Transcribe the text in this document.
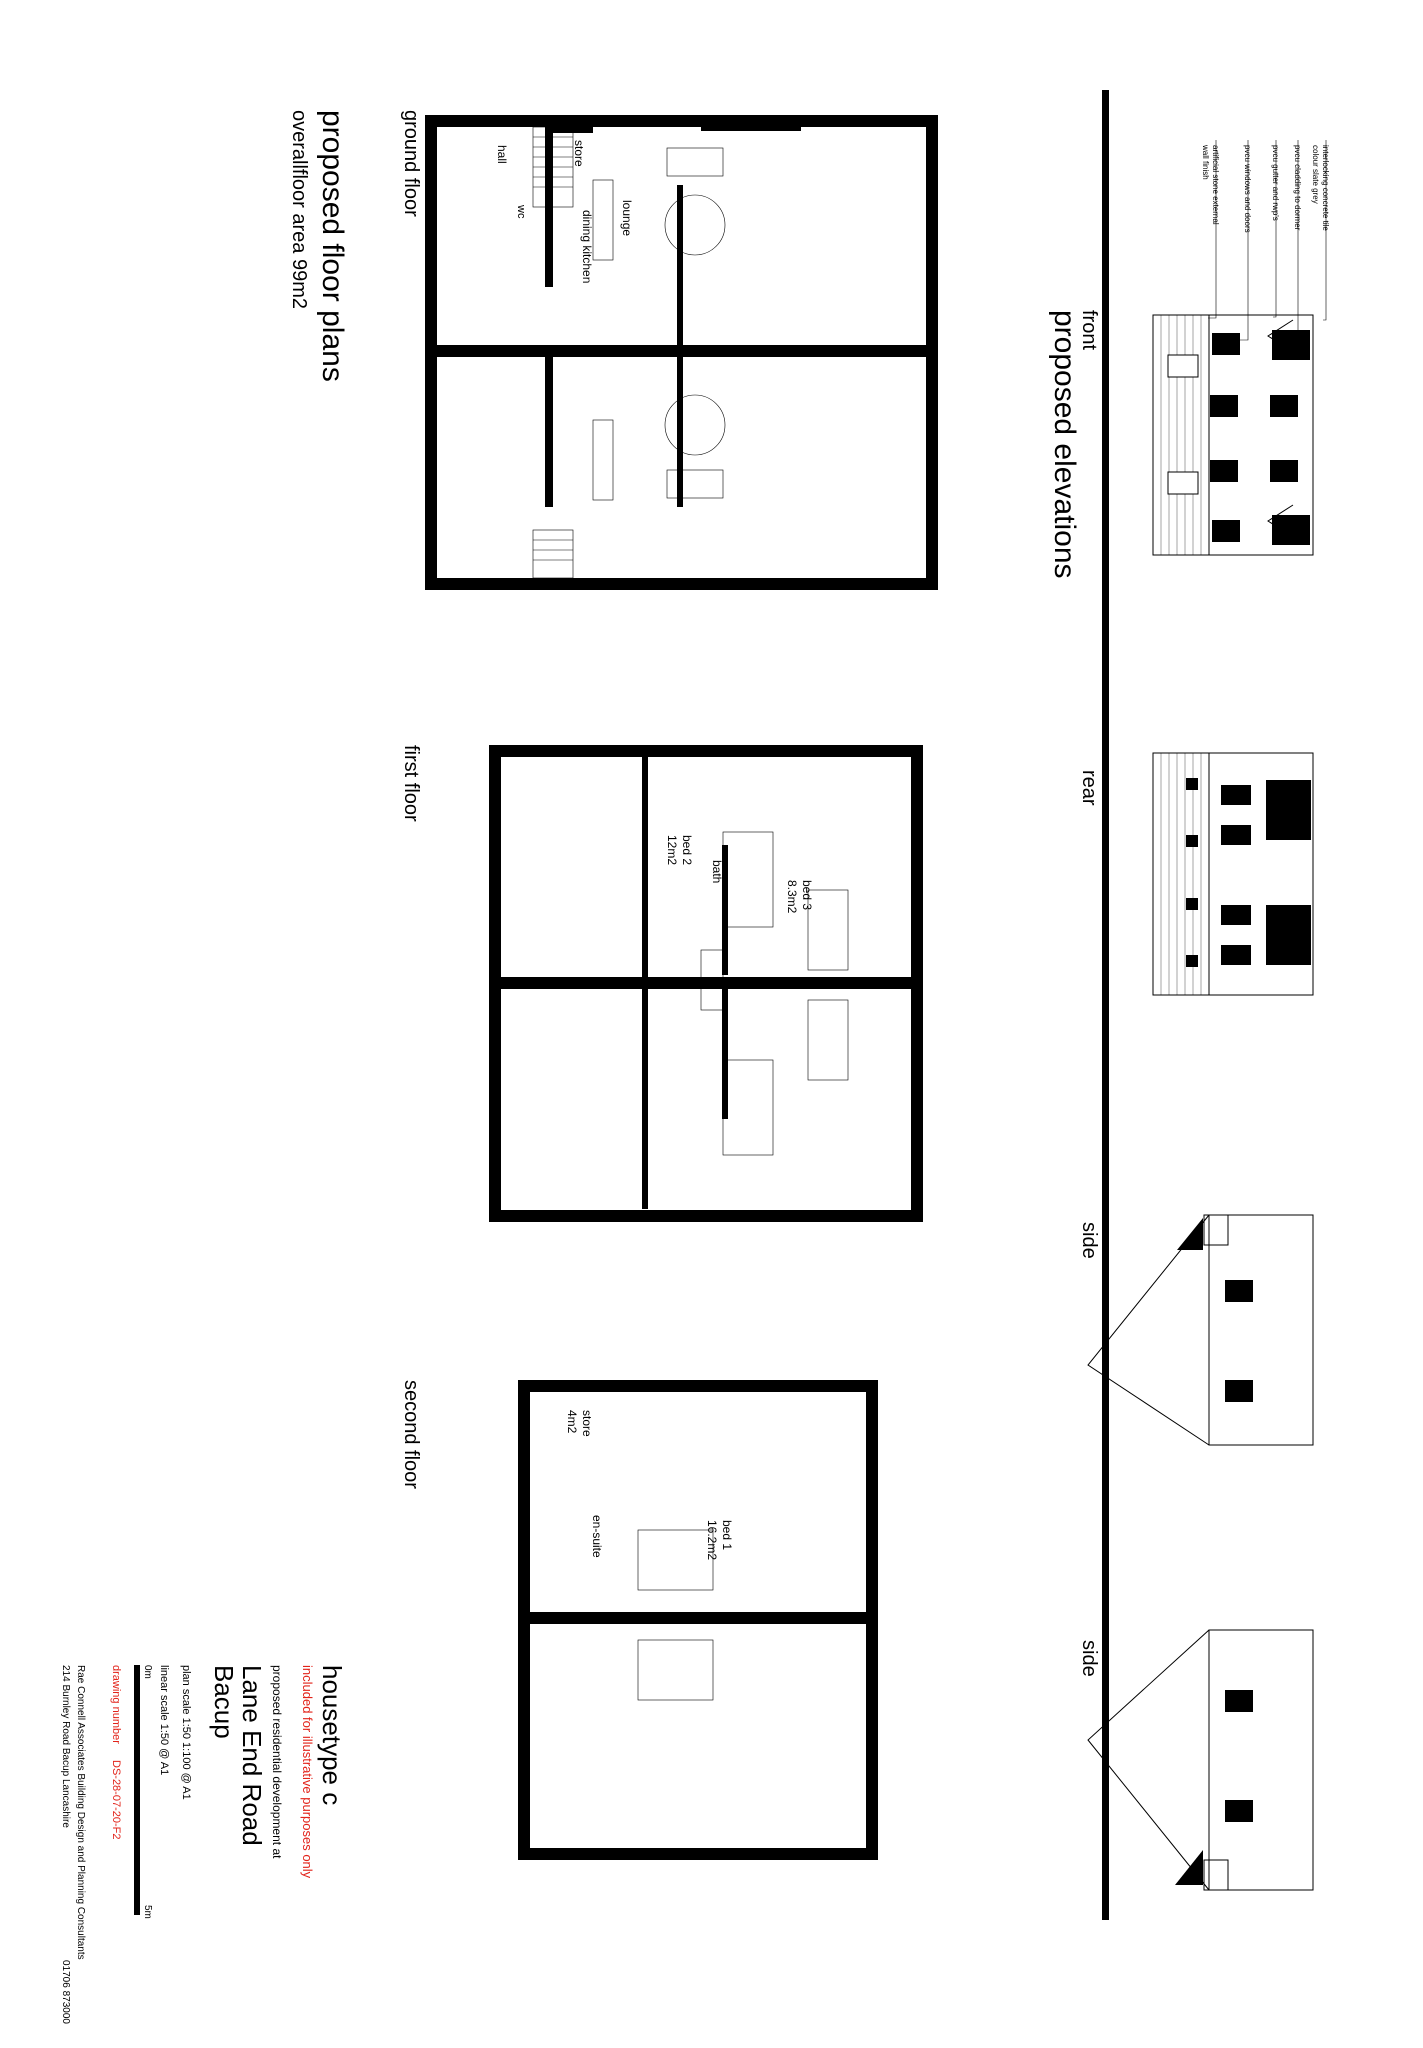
proposed elevations
front
rear
side
side
interlocking concrete tile
colour slate grey
pvcu cladding to dormer
pvcu gutter and rwp's
pvcu windows and doors
artificial stone external
wall finish
proposed floor plans
overallfloor area 99m2	ground floor
first floor
second floor
hall
wc
store
dining kitchen lounge
bed 2
12m2
bath
bed 3
8.3m2
store
4m2
en-suite	bed 1
16.2m2
housetype c
included for illustrative purposes only
proposed residential development at
Lane End Road
Bacup
plan scale 1:50 1:100 @ A1
linear scale 1:50 @ A1
0m
5m
drawing number
DS-28-07-20-F2
Rae Connell Associates Building Design and Planning Consultants
214 Burnley Road Bacup Lancashire
01706 873000
